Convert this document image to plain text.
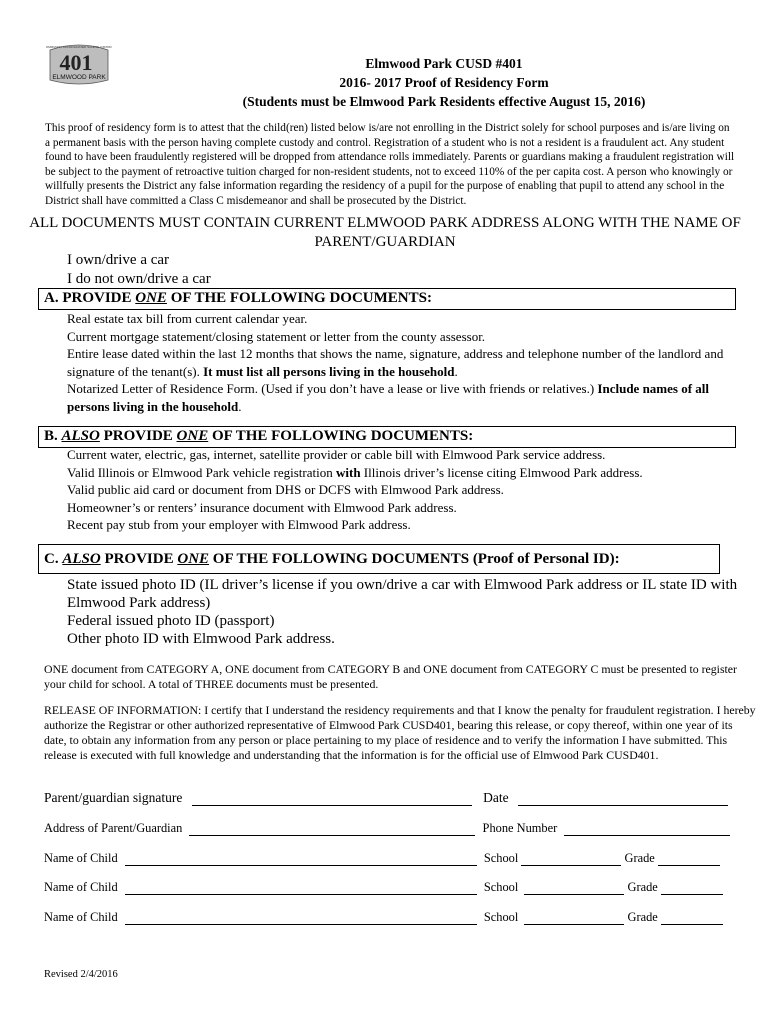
COMMUNITY CONSOLIDATED SCHOOL DISTRICT
401
ELMWOOD PARK
Elmwood Park CUSD #401
2016- 2017 Proof of Residency Form
(Students must be Elmwood Park Residents effective August 15, 2016)
This proof of residency form is to attest that the child(ren) listed below is/are not enrolling in the District solely for school purposes and is/are living on a permanent basis with the person having complete custody and control. Registration of a student who is not a resident is a fraudulent act. Any student found to have been fraudulently registered will be dropped from attendance rolls immediately. Parents or guardians making a fraudulent registration will be subject to the payment of retroactive tuition charged for non-resident students, not to exceed 110% of the per capita cost. A person who knowingly or willfully presents the District any false information regarding the residency of a pupil for the purpose of enabling that pupil to attend any school in the District shall have committed a Class C misdemeanor and shall be prosecuted by the District.
ALL DOCUMENTS MUST CONTAIN CURRENT ELMWOOD PARK ADDRESS ALONG WITH THE NAME OF PARENT/GUARDIAN
I own/drive a car
I do not own/drive a car
A. PROVIDE ONE OF THE FOLLOWING DOCUMENTS:
Real estate tax bill from current calendar year.
Current mortgage statement/closing statement or letter from the county assessor.
Entire lease dated within the last 12 months that shows the name, signature, address and telephone number of the landlord and signature of the tenant(s). It must list all persons living in the household.
Notarized Letter of Residence Form. (Used if you don’t have a lease or live with friends or relatives.) Include names of all persons living in the household.
B. ALSO PROVIDE ONE OF THE FOLLOWING DOCUMENTS:
Current water, electric, gas, internet, satellite provider or cable bill with Elmwood Park service address.
Valid Illinois or Elmwood Park vehicle registration with Illinois driver’s license citing Elmwood Park address.
Valid public aid card or document from DHS or DCFS with Elmwood Park address.
Homeowner’s or renters’ insurance document with Elmwood Park address.
Recent pay stub from your employer with Elmwood Park address.
C. ALSO PROVIDE ONE OF THE FOLLOWING DOCUMENTS (Proof of Personal ID):
State issued photo ID (IL driver’s license if you own/drive a car with Elmwood Park address or IL state ID with Elmwood Park address)
Federal issued photo ID (passport)
Other photo ID with Elmwood Park address.
ONE document from CATEGORY A, ONE document from CATEGORY B and ONE document from CATEGORY C must be presented to register your child for school. A total of THREE documents must be presented.
RELEASE OF INFORMATION: I certify that I understand the residency requirements and that I know the penalty for fraudulent registration. I hereby authorize the Registrar or other authorized representative of Elmwood Park CUSD401, bearing this release, or copy thereof, within one year of its date, to obtain any information from any person or place pertaining to my place of residence and to verify the information I have submitted. This release is executed with full knowledge and understanding that the information is for the official use of Elmwood Park CUSD401.
Parent/guardian signature	Date
Address of Parent/Guardian	Phone Number
Name of Child	School	Grade
Name of Child	School	Grade
Name of Child	School	Grade
Revised 2/4/2016
